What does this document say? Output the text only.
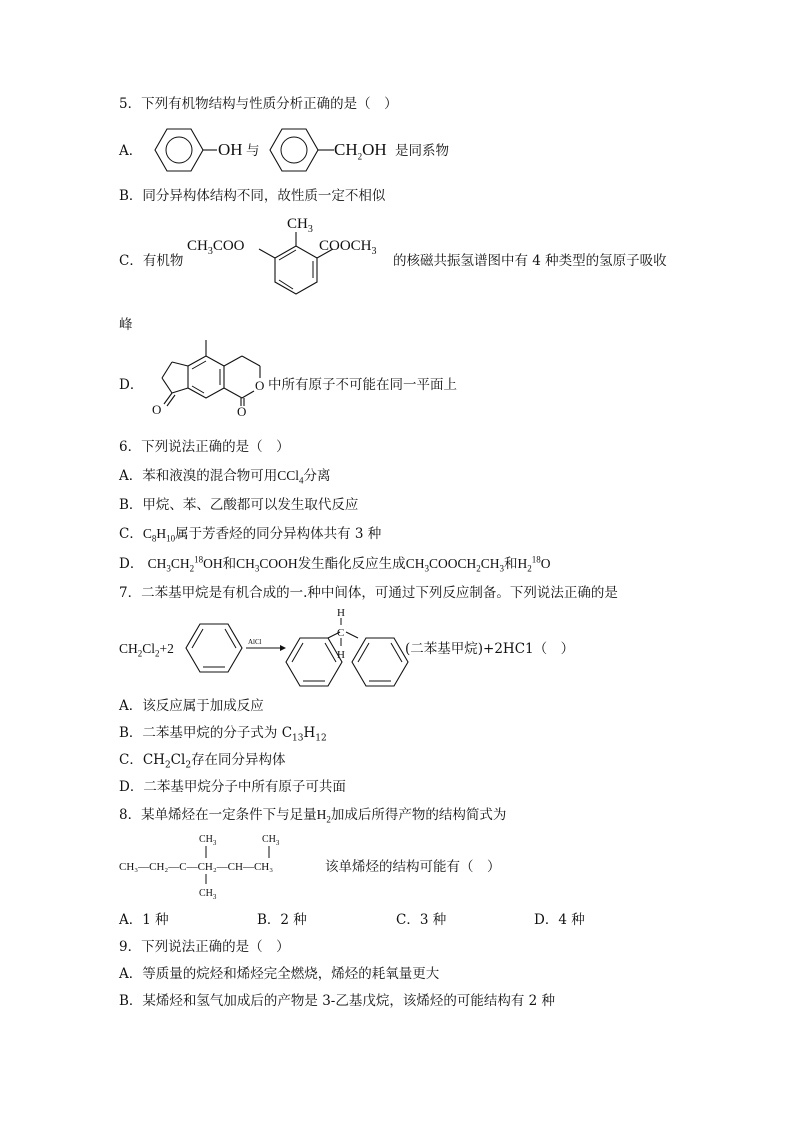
5．下列有机物结构与性质分析正确的是（　）
A．	OH 与	$CH_2OH$ 是同系物
B．同分异构体结构不同，故性质一定不相似
C．有机物
$CH_3$
$CH_3COO$	$COOCH_3$
的核磁共振氢谱图中有 4 种类型的氢原子吸收
峰
D．
O
O
O
中所有原子不可能在同一平面上
6．下列说法正确的是（　）
A．苯和液溴的混合物可用CCl$_4$分离
B．甲烷、苯、乙酸都可以发生取代反应
C．$C_8H_{10}$属于芳香烃的同分异构体共有 3 种
D． $CH_3CH_2^{18}OH$和$CH_3COOH$发生酯化反应生成$CH_3COOCH_2CH_3$和$H_2^{18}O$
7．二苯基甲烷是有机合成的一.种中间体，可通过下列反应制备。下列说法正确的是
$CH_2Cl_2+2$	AlCl
H
C
H	(二苯基甲烷)+2HC1（　）
A．该反应属于加成反应
B．二苯基甲烷的分子式为 $C_{13}H_{12}$
C．$CH_2Cl_2$存在同分异构体
D．二苯基甲烷分子中所有原子可共面
8．某单烯烃在一定条件下与足量$H_2$加成后所得产物的结构简式为
$CH_3$	$CH_3$
CH₃—CH₂—C—CH₂—CH—CH₃
$CH_3$
该单烯烃的结构可能有（　）
A．1 种	B．2 种	C．3 种	D．4 种
9．下列说法正确的是（　）
A．等质量的烷烃和烯烃完全燃烧，烯烃的耗氧量更大
B．某烯烃和氢气加成后的产物是 3-乙基戊烷，该烯烃的可能结构有 2 种
